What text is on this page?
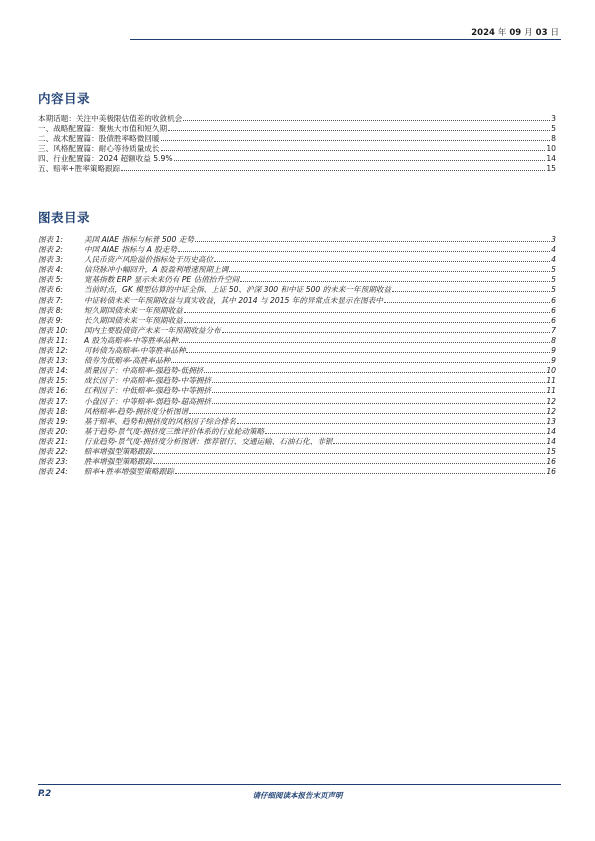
2024 年 09 月 03 日
内容目录
本期话题：关注中美极限估值差的收敛机会	3
一、战略配置篇：聚焦大市值和短久期	5
二、战术配置篇：股债胜率略微回暖	8
三、风格配置篇：耐心等待质量成长	10
四、行业配置篇：2024 超额收益 5.9%	14
五、赔率+胜率策略跟踪	15
图表目录
图表 1:	美国 AIAE 指标与标普 500 走势	3
图表 2:	中国 AIAE 指标与 A 股走势	4
图表 3:	人民币资产风险溢价指标处于历史高位	4
图表 4:	信贷脉冲小幅回升，A 股盈利增速预期上调	5
图表 5:	宽基指数 ERP 显示未来仍有 PE 估值抬升空间	5
图表 6:	当前时点，GK 模型估算的中证全指、上证 50、沪深 300 和中证 500 的未来一年预期收益	5
图表 7:	中证转债未来一年预期收益与真实收益，其中 2014 与 2015 年的异常点未显示在图表中	6
图表 8:	短久期国债未来一年预期收益	6
图表 9:	长久期国债未来一年预期收益	6
图表 10: 国内主要股债资产未来一年预期收益分布	7
图表 11: A 股为高赔率-中等胜率品种	8
图表 12: 可转债为高赔率-中等胜率品种	9
图表 13: 债券为低赔率-高胜率品种	9
图表 14: 质量因子：中高赔率-强趋势-低拥挤	10
图表 15: 成长因子：中高赔率-强趋势-中等拥挤	11
图表 16: 红利因子：中低赔率-强趋势-中等拥挤	11
图表 17: 小盘因子：中等赔率-弱趋势-超高拥挤	12
图表 18: 风格赔率-趋势-拥挤度分析图谱	12
图表 19: 基于赔率、趋势和拥挤度的风格因子综合排名	13
图表 20: 基于趋势-景气度-拥挤度三维评价体系的行业轮动策略	14
图表 21: 行业趋势-景气度-拥挤度分析图谱：推荐银行、交通运输、石油石化、非银	14
图表 22: 赔率增强型策略跟踪	15
图表 23: 胜率增强型策略跟踪	16
图表 24: 赔率+胜率增强型策略跟踪	16
P.2	请仔细阅读本报告末页声明
